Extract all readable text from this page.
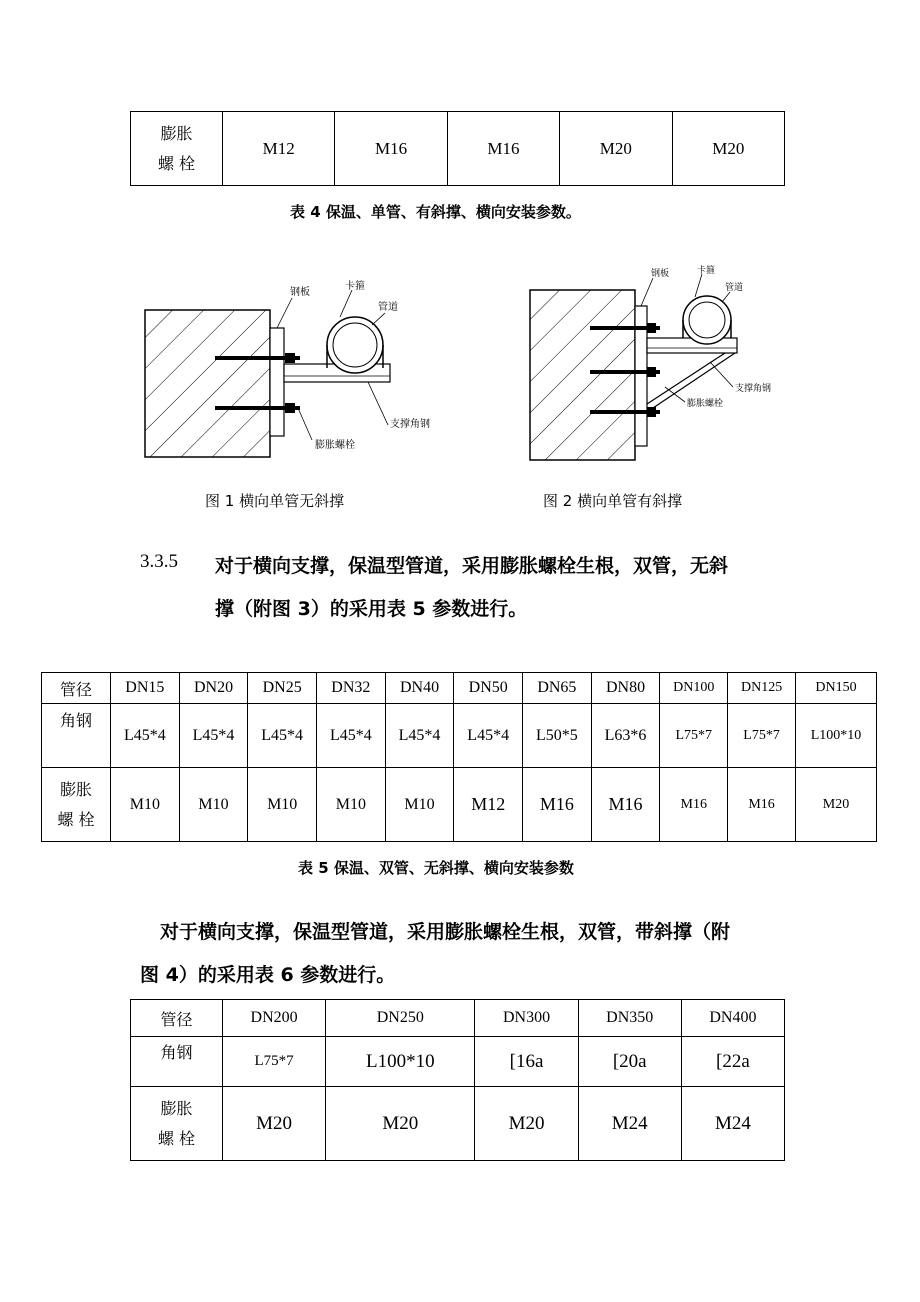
膨胀
螺 栓
	M12	M16	M16	M20	M20
表 4 保温、单管、有斜撑、横向安装参数。
钢板
卡箍
管道
支撑角钢
膨胀螺栓
图 1 横向单管无斜撑
钢板	卡箍
管道
支撑角钢
膨胀螺栓
图 2 横向单管有斜撑
3.3.5 对于横向支撑，保温型管道，采用膨胀螺栓生根，双管，无斜
撑（附图 3）的采用表 5 参数进行。
管径	DN15	DN20	DN25	DN32	DN40	DN50	DN65	DN80	DN100	DN125	DN150
角钢	L45*4	L45*4	L45*4	L45*4	L45*4	L45*4	L50*5	L63*6	L75*7	L75*7	L100*10

膨胀
螺 栓	M10	M10	M10	M10	M10	M12	M16	M16	M16	M16	M20
表 5 保温、双管、无斜撑、横向安装参数
对于横向支撑，保温型管道，采用膨胀螺栓生根，双管，带斜撑（附
图 4）的采用表 6 参数进行。
管径	DN200	DN250	DN300	DN350	DN400
角钢	L75*7	L100*10	[16a	[20a	[22a

膨胀
螺 栓	M20	M20	M20	M24	M24
